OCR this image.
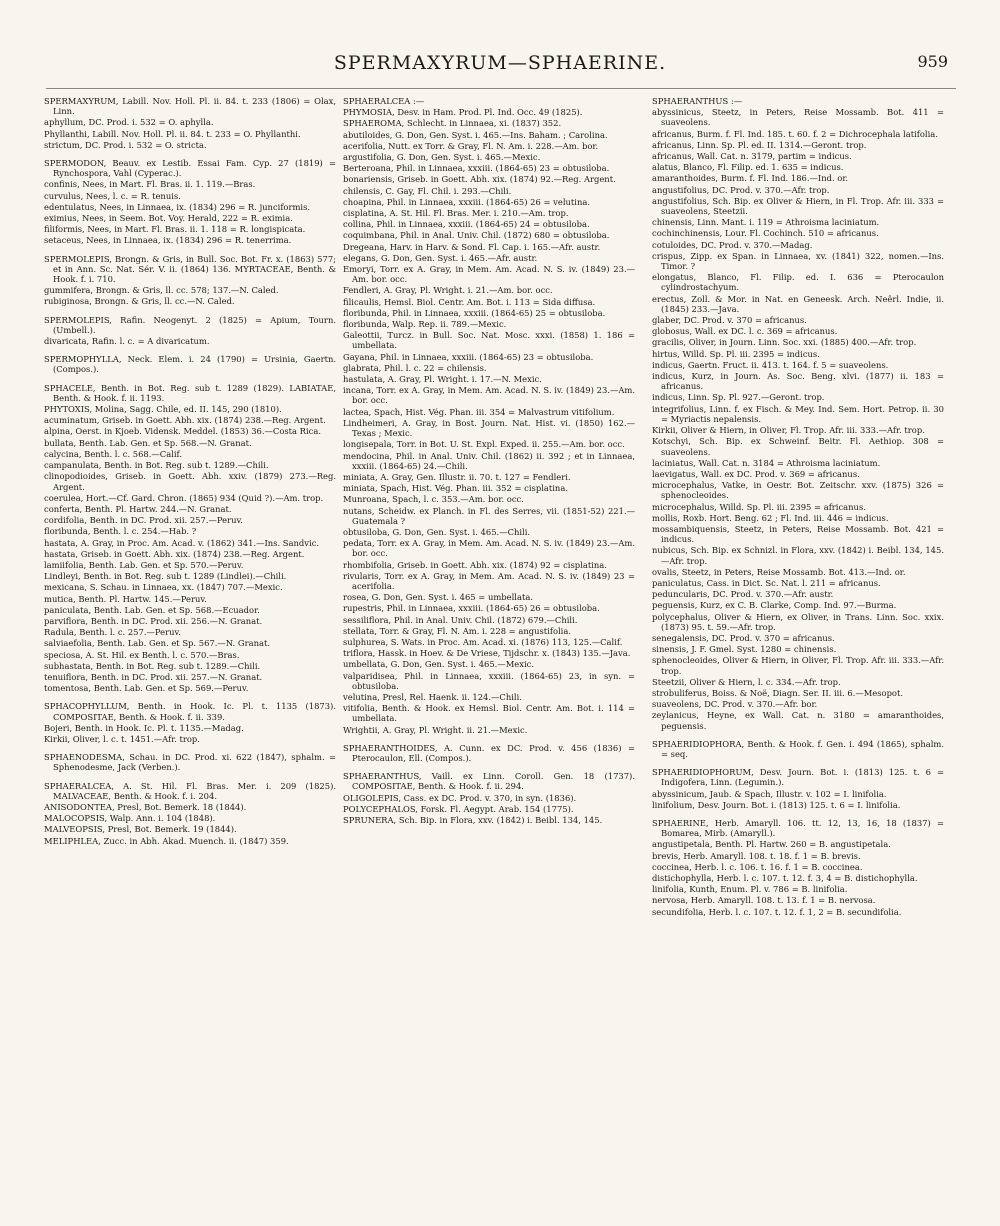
SPERMAXYRUM—SPHAERINE.	959

SPERMAXYRUM, Labill. Nov. Holl. Pl. ii. 84. t. 233 (1806) = Olax, Linn.

aphyllum, DC. Prod. i. 532 = O. aphylla.

Phyllanthi, Labill. Nov. Holl. Pl. ii. 84. t. 233 = O. Phyllanthi.

strictum, DC. Prod. i. 532 = O. stricta.

SPERMODON, Beauv. ex Lestib. Essai Fam. Cyp. 27 (1819) = Rynchospora, Vahl (Cyperac.).

confinis, Nees, in Mart. Fl. Bras. ii. 1. 119.—Bras.

curvulus, Nees, l. c. = R. tenuis.

edentulatus, Nees, in Linnaea, ix. (1834) 296 = R. junciformis.

eximius, Nees, in Seem. Bot. Voy. Herald, 222 = R. eximia.

filiformis, Nees, in Mart. Fl. Bras. ii. 1. 118 = R. longispicata.

setaceus, Nees, in Linnaea, ix. (1834) 296 = R. tenerrima.

SPERMOLEPIS, Brongn. & Gris, in Bull. Soc. Bot. Fr. x. (1863) 577; et in Ann. Sc. Nat. Sér. V. ii. (1864) 136. MYRTACEAE, Benth. & Hook. f. i. 710.

gummifera, Brongn. & Gris, ll. cc. 578; 137.—N. Caled.

rubiginosa, Brongn. & Gris, ll. cc.—N. Caled.

SPERMOLEPIS, Rafin. Neogenyt. 2 (1825) = Apium, Tourn. (Umbell.).

divaricata, Rafin. l. c. = A divaricatum.

SPERMOPHYLLA, Neck. Elem. i. 24 (1790) = Ursinia, Gaertn. (Compos.).

SPHACELE, Benth. in Bot. Reg. sub t. 1289 (1829). LABIATAE, Benth. & Hook. f. ii. 1193.

PHYTOXIS, Molina, Sagg. Chile, ed. II. 145, 290 (1810).

acuminatum, Griseb. in Goett. Abh. xix. (1874) 238.—Reg. Argent.

alpina, Oerst. in Kjoeb. Vidensk. Meddel. (1853) 36.—Costa Rica.

bullata, Benth. Lab. Gen. et Sp. 568.—N. Granat.

calycina, Benth. l. c. 568.—Calif.

campanulata, Benth. in Bot. Reg. sub t. 1289.—Chili.

clinopodioides, Griseb. in Goett. Abh. xxiv. (1879) 273.—Reg. Argent.

coerulea, Hort.—Cf. Gard. Chron. (1865) 934 (Quid ?).—Am. trop.

conferta, Benth. Pl. Hartw. 244.—N. Granat.

cordifolia, Benth. in DC. Prod. xii. 257.—Peruv.

floribunda, Benth. l. c. 254.—Hab. ?

hastata, A. Gray, in Proc. Am. Acad. v. (1862) 341.—Ins. Sandvic.

hastata, Griseb. in Goett. Abh. xix. (1874) 238.—Reg. Argent.

lamiifolia, Benth. Lab. Gen. et Sp. 570.—Peruv.

Lindleyi, Benth. in Bot. Reg. sub t. 1289 (Lindlei).—Chili.

mexicana, S. Schau. in Linnaea, xx. (1847) 707.—Mexic.

mutica, Benth. Pl. Hartw. 145.—Peruv.

paniculata, Benth. Lab. Gen. et Sp. 568.—Ecuador.

parviflora, Benth. in DC. Prod. xii. 256.—N. Granat.

Radula, Benth. l. c. 257.—Peruv.

salviaefolia, Benth. Lab. Gen. et Sp. 567.—N. Granat.

speciosa, A. St. Hil. ex Benth. l. c. 570.—Bras.

subhastata, Benth. in Bot. Reg. sub t. 1289.—Chili.

tenuiflora, Benth. in DC. Prod. xii. 257.—N. Granat.

tomentosa, Benth. Lab. Gen. et Sp. 569.—Peruv.

SPHACOPHYLLUM, Benth. in Hook. Ic. Pl. t. 1135 (1873). COMPOSITAE, Benth. & Hook. f. ii. 339.

Bojeri, Benth. in Hook. Ic. Pl. t. 1135.—Madag.

Kirkii, Oliver, l. c. t. 1451.—Afr. trop.

SPHAENODESMA, Schau. in DC. Prod. xi. 622 (1847), sphalm. = Sphenodesme, Jack (Verben.).

SPHAERALCEA, A. St. Hil. Fl. Bras. Mer. i. 209 (1825). MALVACEAE, Benth. & Hook. f. i. 204.

ANISODONTEA, Presl, Bot. Bemerk. 18 (1844).

MALOCOPSIS, Walp. Ann. i. 104 (1848).

MALVEOPSIS, Presl, Bot. Bemerk. 19 (1844).

MELIPHLEA, Zucc. in Abh. Akad. Muench. ii. (1847) 359.

SPHAERALCEA :—

PHYMOSIA, Desv. in Ham. Prod. Pl. Ind. Occ. 49 (1825).

SPHAEROMA, Schlecht. in Linnaea, xi. (1837) 352.

abutiloides, G. Don, Gen. Syst. i. 465.—Ins. Baham. ; Carolina.

acerifolia, Nutt. ex Torr. & Gray, Fl. N. Am. i. 228.—Am. bor.

argustifolia, G. Don, Gen. Syst. i. 465.—Mexic.

Berteroana, Phil. in Linnaea, xxxiii. (1864-65) 23 = obtusiloba.

bonariensis, Griseb. in Goett. Abh. xix. (1874) 92.—Reg. Argent.

chilensis, C. Gay, Fl. Chil. i. 293.—Chili.

choapina, Phil. in Linnaea, xxxiii. (1864-65) 26 = velutina.

cisplatina, A. St. Hil. Fl. Bras. Mer. i. 210.—Am. trop.

collina, Phil. in Linnaea, xxxiii. (1864-65) 24 = obtusiloba.

coquimbana, Phil. in Anal. Univ. Chil. (1872) 680 = obtusiloba.

Dregeana, Harv. in Harv. & Sond. Fl. Cap. i. 165.—Afr. austr.

elegans, G. Don, Gen. Syst. i. 465.—Afr. austr.

Emoryi, Torr. ex A. Gray, in Mem. Am. Acad. N. S. iv. (1849) 23.—Am. bor. occ.

Fendleri, A. Gray, Pl. Wright. i. 21.—Am. bor. occ.

filicaulis, Hemsl. Biol. Centr. Am. Bot. i. 113 = Sida diffusa.

floribunda, Phil. in Linnaea, xxxiii. (1864-65) 25 = obtusiloba.

floribunda, Walp. Rep. ii. 789.—Mexic.

Galeottii, Turcz. in Bull. Soc. Nat. Mosc. xxxi. (1858) 1. 186 = umbellata.

Gayana, Phil. in Linnaea, xxxiii. (1864-65) 23 = obtusiloba.

glabrata, Phil. l. c. 22 = chilensis.

hastulata, A. Gray, Pl. Wright. i. 17.—N. Mexic.

incana, Torr. ex A. Gray, in Mem. Am. Acad. N. S. iv. (1849) 23.—Am. bor. occ.

lactea, Spach, Hist. Vég. Phan. iii. 354 = Malvastrum vitifolium.

Lindheimeri, A. Gray, in Bost. Journ. Nat. Hist. vi. (1850) 162.—Texas ; Mexic.

longisepala, Torr. in Bot. U. St. Expl. Exped. ii. 255.—Am. bor. occ.

mendocina, Phil. in Anal. Univ. Chil. (1862) ii. 392 ; et in Linnaea, xxxiii. (1864-65) 24.—Chili.

miniata, A. Gray, Gen. Illustr. ii. 70. t. 127 = Fendleri.

miniata, Spach, Hist. Vég. Phan. iii. 352 = cisplatina.

Munroana, Spach, l. c. 353.—Am. bor. occ.

nutans, Scheidw. ex Planch. in Fl. des Serres, vii. (1851-52) 221.—Guatemala ?

obtusiloba, G. Don, Gen. Syst. i. 465.—Chili.

pedata, Torr. ex A. Gray, in Mem. Am. Acad. N. S. iv. (1849) 23.—Am. bor. occ.

rhombifolia, Griseb. in Goett. Abh. xix. (1874) 92 = cisplatina.

rivularis, Torr. ex A. Gray, in Mem. Am. Acad. N. S. iv. (1849) 23 = acerifolia.

rosea, G. Don, Gen. Syst. i. 465 = umbellata.

rupestris, Phil. in Linnaea, xxxiii. (1864-65) 26 = obtusiloba.

sessiliflora, Phil. in Anal. Univ. Chil. (1872) 679.—Chili.

stellata, Torr. & Gray, Fl. N. Am. i. 228 = angustifolia.

sulphurea, S. Wats. in Proc. Am. Acad. xi. (1876) 113, 125.—Calif.

triflora, Hassk. in Hoev. & De Vriese, Tijdschr. x. (1843) 135.—Java.

umbellata, G. Don, Gen. Syst. i. 465.—Mexic.

valparidisea, Phil. in Linnaea, xxxiii. (1864-65) 23, in syn. = obtusiloba.

velutina, Presl, Rel. Haenk. ii. 124.—Chili.

vitifolia, Benth. & Hook. ex Hemsl. Biol. Centr. Am. Bot. i. 114 = umbellata.

Wrightii, A. Gray, Pl. Wright. ii. 21.—Mexic.

SPHAERANTHOIDES, A. Cunn. ex DC. Prod. v. 456 (1836) = Pterocaulon, Ell. (Compos.).

SPHAERANTHUS, Vaill. ex Linn. Coroll. Gen. 18 (1737). COMPOSITAE, Benth. & Hook. f. ii. 294.

OLIGOLEPIS, Cass. ex DC. Prod. v. 370, in syn. (1836).

POLYCEPHALOS, Forsk. Fl. Aegypt. Arab. 154 (1775).

SPRUNERA, Sch. Bip. in Flora, xxv. (1842) i. Beibl. 134, 145.

SPHAERANTHUS :—

abyssinicus, Steetz, in Peters, Reise Mossamb. Bot. 411 = suaveolens.

africanus, Burm. f. Fl. Ind. 185. t. 60. f. 2 = Dichrocephala latifolia.

africanus, Linn. Sp. Pl. ed. II. 1314.—Geront. trop.

africanus, Wall. Cat. n. 3179, partim = indicus.

alatus, Blanco, Fl. Filip. ed. 1. 635 = indicus.

amaranthoides, Burm. f. Fl. Ind. 186.—Ind. or.

angustifolius, DC. Prod. v. 370.—Afr. trop.

angustifolius, Sch. Bip. ex Oliver & Hiern, in Fl. Trop. Afr. iii. 333 = suaveolens, Steetzii.

chinensis, Linn. Mant. i. 119 = Athroisma laciniatum.

cochinchinensis, Lour. Fl. Cochinch. 510 = africanus.

cotuloides, DC. Prod. v. 370.—Madag.

crispus, Zipp. ex Span. in Linnaea, xv. (1841) 322, nomen.—Ins. Timor. ?

elongatus, Blanco, Fl. Filip. ed. I. 636 = Pterocaulon cylindrostachyum.

erectus, Zoll. & Mor. in Nat. en Geneesk. Arch. Neêrl. Indie, ii. (1845) 233.—Java.

glaber, DC. Prod. v. 370 = africanus.

globosus, Wall. ex DC. l. c. 369 = africanus.

gracilis, Oliver, in Journ. Linn. Soc. xxi. (1885) 400.—Afr. trop.

hirtus, Willd. Sp. Pl. iii. 2395 = indicus.

indicus, Gaertn. Fruct. ii. 413. t. 164. f. 5 = suaveolens.

indicus, Kurz, in Journ. As. Soc. Beng. xlvi. (1877) ii. 183 = africanus.

indicus, Linn. Sp. Pl. 927.—Geront. trop.

integrifolius, Linn. f. ex Fisch. & Mey. Ind. Sem. Hort. Petrop. ii. 30 = Myriactis nepalensis.

Kirkii, Oliver & Hiern, in Oliver, Fl. Trop. Afr. iii. 333.—Afr. trop.

Kotschyi, Sch. Bip. ex Schweinf. Beitr. Fl. Aethiop. 308 = suaveolens.

laciniatus, Wall. Cat. n. 3184 = Athroisma laciniatum.

laevigatus, Wall. ex DC. Prod. v. 369 = africanus.

microcephalus, Vatke, in Oestr. Bot. Zeitschr. xxv. (1875) 326 = sphenocleoides.

microcephalus, Willd. Sp. Pl. iii. 2395 = africanus.

mollis, Roxb. Hort. Beng. 62 ; Fl. Ind. iii. 446 = indicus.

mossambiquensis, Steetz, in Peters, Reise Mossamb. Bot. 421 = indicus.

nubicus, Sch. Bip. ex Schnizl. in Flora, xxv. (1842) i. Beibl. 134, 145.—Afr. trop.

ovalis, Steetz, in Peters, Reise Mossamb. Bot. 413.—Ind. or.

paniculatus, Cass. in Dict. Sc. Nat. l. 211 = africanus.

peduncularis, DC. Prod. v. 370.—Afr. austr.

peguensis, Kurz, ex C. B. Clarke, Comp. Ind. 97.—Burma.

polycephalus, Oliver & Hiern, ex Oliver, in Trans. Linn. Soc. xxix. (1873) 95. t. 59.—Afr. trop.

senegalensis, DC. Prod. v. 370 = africanus.

sinensis, J. F. Gmel. Syst. 1280 = chinensis.

sphenocleoides, Oliver & Hiern, in Oliver, Fl. Trop. Afr. iii. 333.—Afr. trop.

Steetzii, Oliver & Hiern, l. c. 334.—Afr. trop.

strobuliferus, Boiss. & Noë, Diagn. Ser. II. iii. 6.—Mesopot.

suaveolens, DC. Prod. v. 370.—Afr. bor.

zeylanicus, Heyne, ex Wall. Cat. n. 3180 = amaranthoides, peguensis.

SPHAERIDIOPHORA, Benth. & Hook. f. Gen. i. 494 (1865), sphalm. = seq.

SPHAERIDIOPHORUM, Desv. Journ. Bot. i. (1813) 125. t. 6 = Indigofera, Linn. (Legumin.).

abyssinicum, Jaub. & Spach, Illustr. v. 102 = I. linifolia.

linifolium, Desv. Journ. Bot. i. (1813) 125. t. 6 = I. linifolia.

SPHAERINE, Herb. Amaryll. 106. tt. 12, 13, 16, 18 (1837) = Bomarea, Mirb. (Amaryll.).

angustipetala, Benth. Pl. Hartw. 260 = B. angustipetala.

brevis, Herb. Amaryll. 108. t. 18. f. 1 = B. brevis.

coccinea, Herb. l. c. 106. t. 16. f. 1 = B. coccinea.

distichophylla, Herb. l. c. 107. t. 12. f. 3, 4 = B. distichophylla.

linifolia, Kunth, Enum. Pl. v. 786 = B. linifolia.

nervosa, Herb. Amaryll. 108. t. 13. f. 1 = B. nervosa.

secundifolia, Herb. l. c. 107. t. 12. f. 1, 2 = B. secundifolia.
